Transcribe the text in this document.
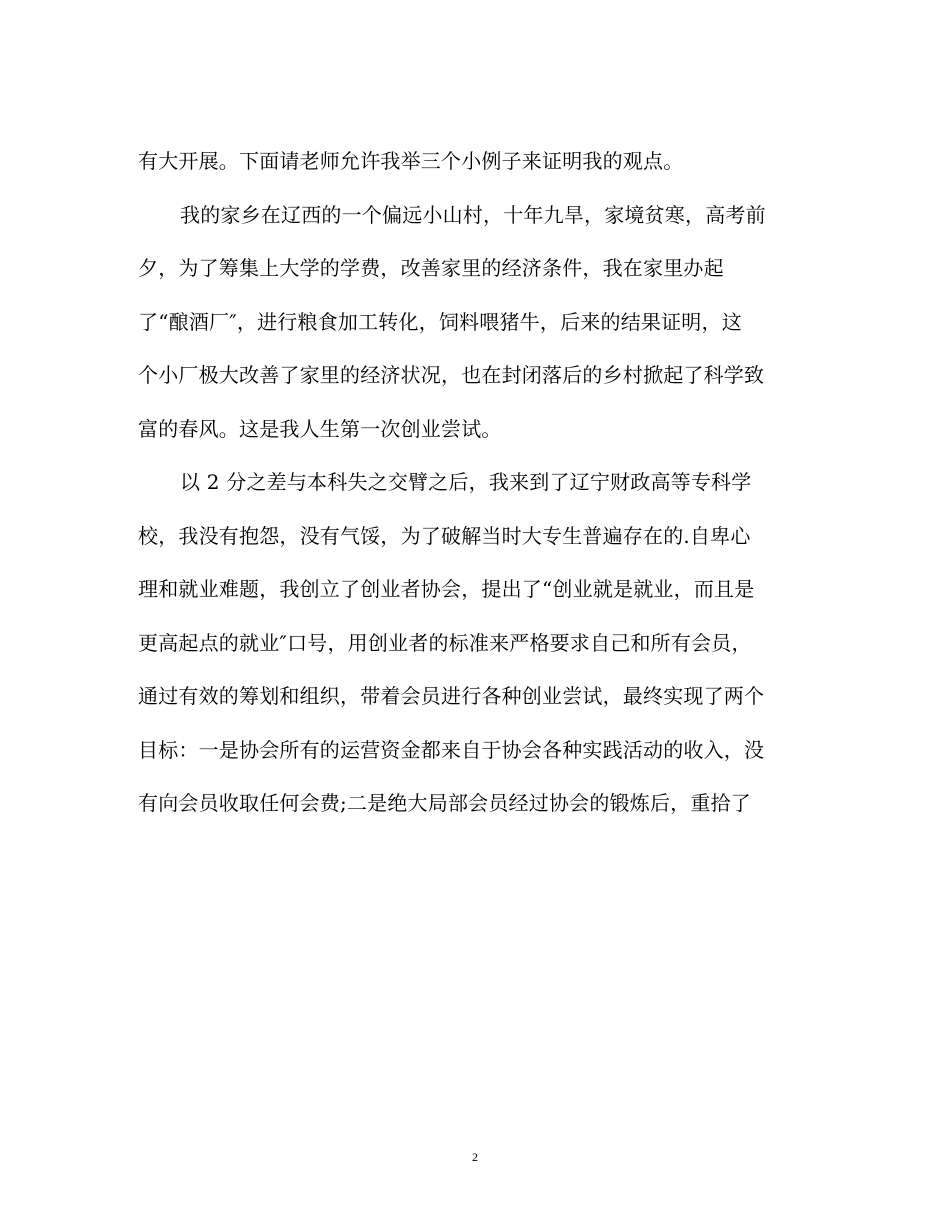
有大开展。下面请老师允许我举三个小例子来证明我的观点。
我的家乡在辽西的一个偏远小山村，十年九旱，家境贫寒，高考前
夕，为了筹集上大学的学费，改善家里的经济条件，我在家里办起
了“酿酒厂″，进行粮食加工转化，饲料喂猪牛，后来的结果证明，这
个小厂极大改善了家里的经济状况，也在封闭落后的乡村掀起了科学致
富的春风。这是我人生第一次创业尝试。
以 2 分之差与本科失之交臂之后，我来到了辽宁财政高等专科学
校，我没有抱怨，没有气馁，为了破解当时大专生普遍存在的.自卑心
理和就业难题，我创立了创业者协会，提出了“创业就是就业，而且是
更高起点的就业″口号，用创业者的标准来严格要求自己和所有会员，
通过有效的筹划和组织，带着会员进行各种创业尝试，最终实现了两个
目标：一是协会所有的运营资金都来自于协会各种实践活动的收入，没
有向会员收取任何会费;二是绝大局部会员经过协会的锻炼后，重拾了
2
